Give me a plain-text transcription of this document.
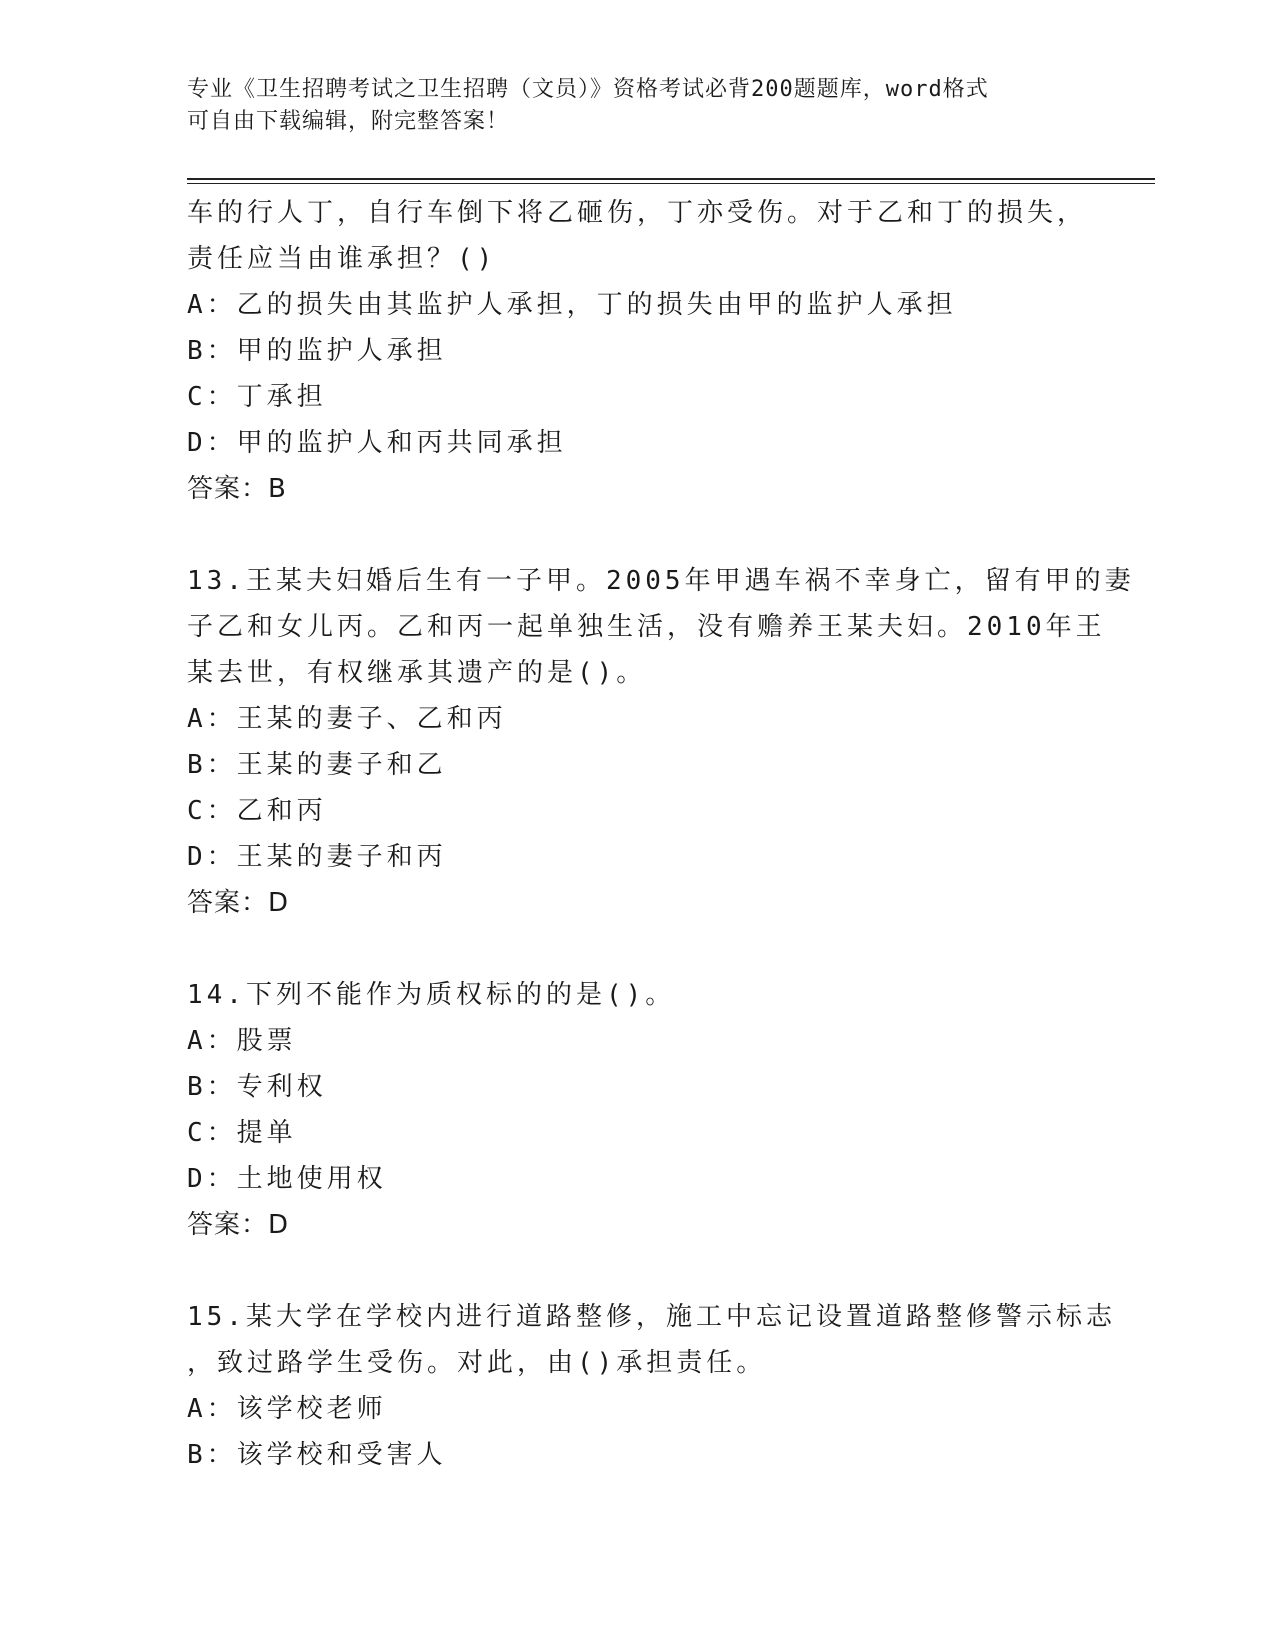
专业《卫生招聘考试之卫生招聘（文员）》资格考试必背200题题库，word格式
可自由下载编辑，附完整答案！
车的行人丁，自行车倒下将乙砸伤，丁亦受伤。对于乙和丁的损失，
责任应当由谁承担？()
A：乙的损失由其监护人承担，丁的损失由甲的监护人承担
B：甲的监护人承担
C：丁承担
D：甲的监护人和丙共同承担
答案：B
13.王某夫妇婚后生有一子甲。2005年甲遇车祸不幸身亡，留有甲的妻
子乙和女儿丙。乙和丙一起单独生活，没有赡养王某夫妇。2010年王
某去世，有权继承其遗产的是()。
A：王某的妻子、乙和丙
B：王某的妻子和乙
C：乙和丙
D：王某的妻子和丙
答案：D
14.下列不能作为质权标的的是()。
A：股票
B：专利权
C：提单
D：土地使用权
答案：D
15.某大学在学校内进行道路整修，施工中忘记设置道路整修警示标志
，致过路学生受伤。对此，由()承担责任。
A：该学校老师
B：该学校和受害人
